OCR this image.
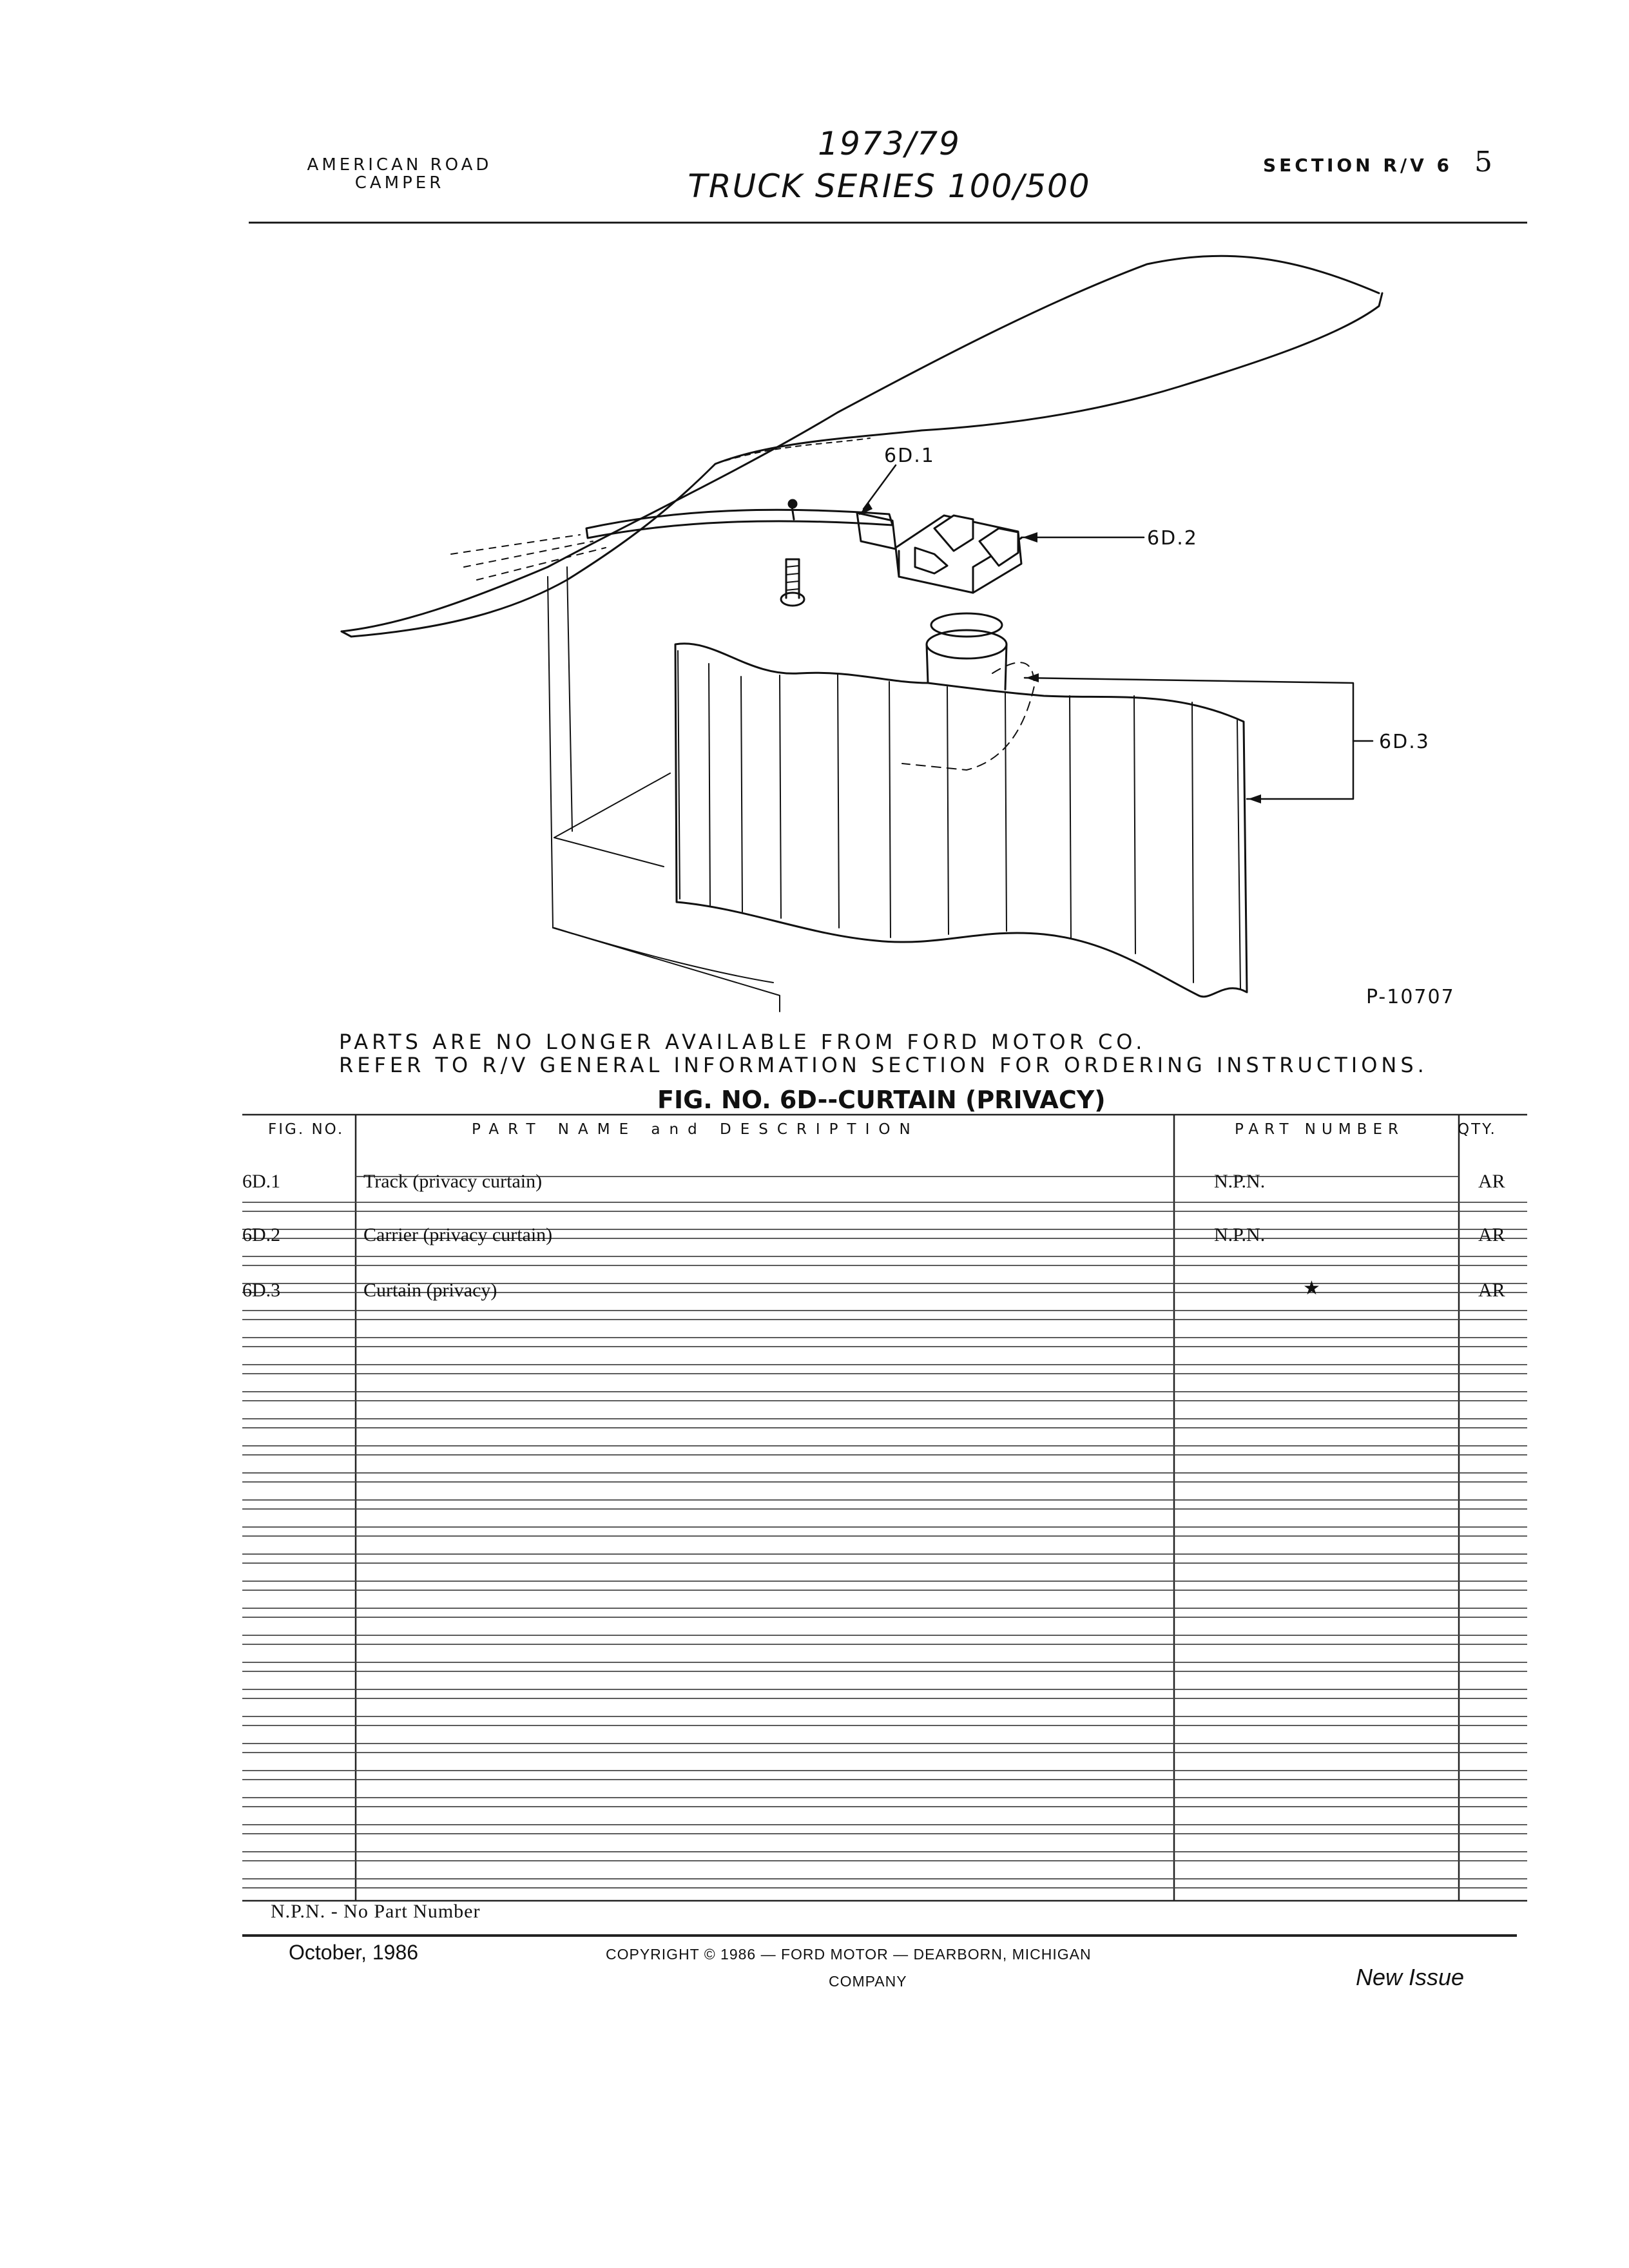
AMERICAN ROAD
CAMPER
1973/79
TRUCK SERIES 100/500
SECTION R/V 6 5
6D.1
6D.2
6D.3
P-10707
PARTS ARE NO LONGER AVAILABLE FROM FORD MOTOR CO.
REFER TO R/V GENERAL INFORMATION SECTION FOR ORDERING INSTRUCTIONS.
FIG. NO. 6D--CURTAIN (PRIVACY)
FIG. NO.	PART NAME and DESCRIPTION	PART NUMBER	QTY.
6D.1	Track (privacy curtain)	N.P.N.	AR
6D.2	Carrier (privacy curtain)	N.P.N.	AR
6D.3	Curtain (privacy)	★	AR
N.P.N. - No Part Number
October, 1986	COPYRIGHT © 1986 — FORD MOTOR — DEARBORN, MICHIGAN
COMPANY	New Issue
